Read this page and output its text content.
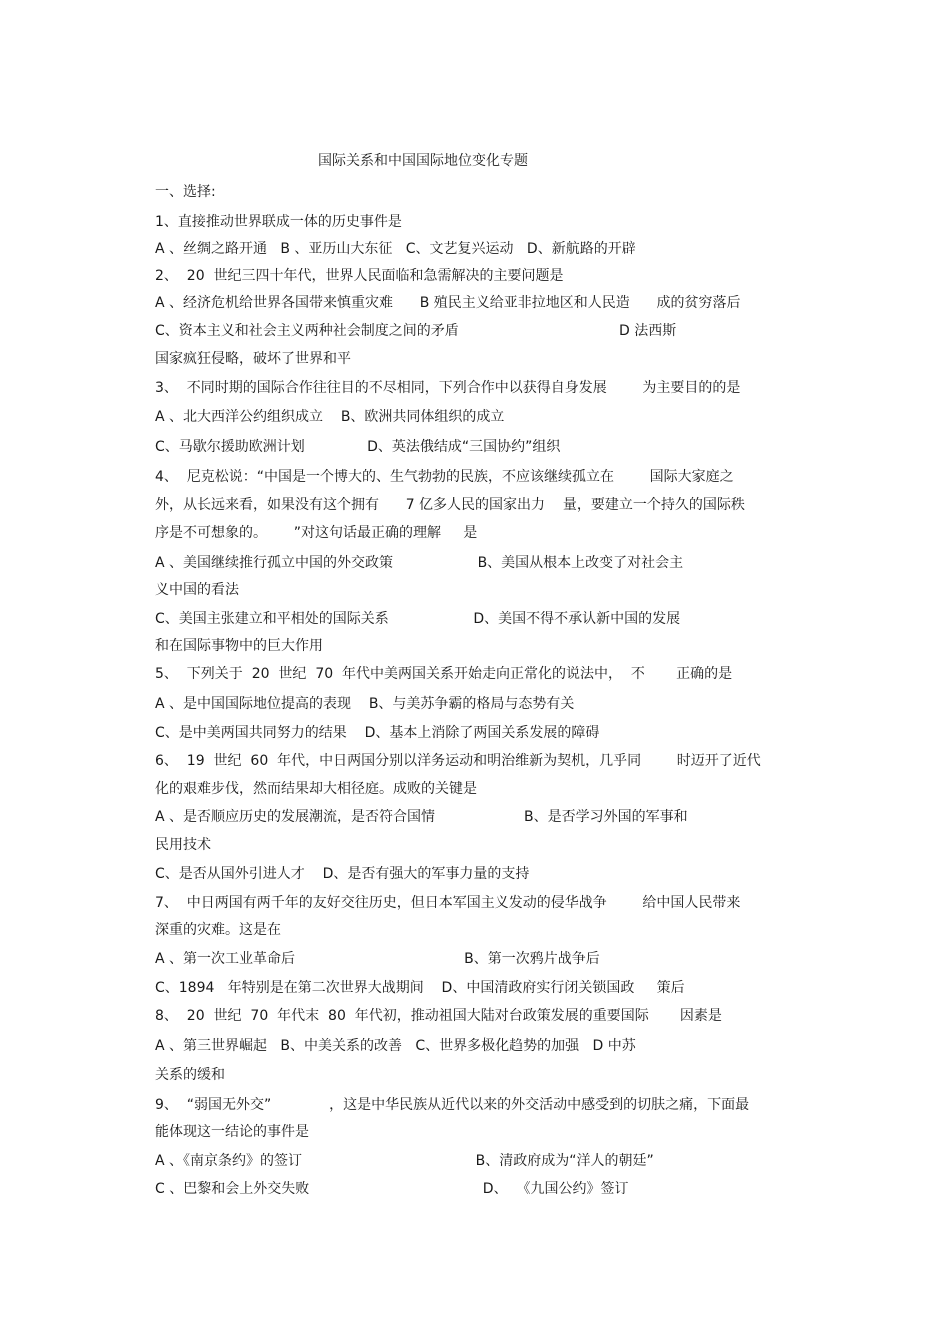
国际关系和中国国际地位变化专题
一、选择:
1、直接推动世界联成一体的历史事件是
A 、丝绸之路开通   B 、亚历山大东征   C、文艺复兴运动   D、新航路的开辟
2、  20  世纪三四十年代，世界人民面临和急需解决的主要问题是
A 、经济危机给世界各国带来慎重灾难      B 殖民主义给亚非拉地区和人民造      成的贫穷落后
C、资本主义和社会主义两种社会制度之间的矛盾                                    D 法西斯
国家疯狂侵略，破坏了世界和平
3、  不同时期的国际合作往往目的不尽相同，下列合作中以获得自身发展        为主要目的的是
A 、北大西洋公约组织成立    B、欧洲共同体组织的成立
C、马歇尔援助欧洲计划              D、英法俄结成“三国协约”组织
4、  尼克松说：“中国是一个博大的、生气勃勃的民族，不应该继续孤立在        国际大家庭之
外，从长远来看，如果没有这个拥有      7 亿多人民的国家出力    量，要建立一个持久的国际秩
序是不可想象的。      ”对这句话最正确的理解     是
A 、美国继续推行孤立中国的外交政策                   B、美国从根本上改变了对社会主
义中国的看法
C、美国主张建立和平相处的国际关系                   D、美国不得不承认新中国的发展
和在国际事物中的巨大作用
5、  下列关于  20  世纪  70  年代中美两国关系开始走向正常化的说法中，  不       正确的是
A 、是中国国际地位提高的表现    B、与美苏争霸的格局与态势有关
C、是中美两国共同努力的结果    D、基本上消除了两国关系发展的障碍
6、  19  世纪  60  年代，中日两国分别以洋务运动和明治维新为契机，几乎同        时迈开了近代
化的艰难步伐，然而结果却大相径庭。成败的关键是
A 、是否顺应历史的发展潮流，是否符合国情                    B、是否学习外国的军事和
民用技术
C、是否从国外引进人才    D、是否有强大的军事力量的支持
7、  中日两国有两千年的友好交往历史，但日本军国主义发动的侵华战争        给中国人民带来
深重的灾难。这是在
A 、第一次工业革命后                                      B、第一次鸦片战争后
C、1894   年特别是在第二次世界大战期间    D、中国清政府实行闭关锁国政     策后
8、  20  世纪  70  年代末  80  年代初，推动祖国大陆对台政策发展的重要国际       因素是
A 、第三世界崛起   B、中美关系的改善   C、世界多极化趋势的加强   D 中苏
关系的缓和
9、  “弱国无外交”             ，这是中华民族从近代以来的外交活动中感受到的切肤之痛，下面最
能体现这一结论的事件是
A 、《南京条约》的签订                                       B、清政府成为“洋人的朝廷”
C 、巴黎和会上外交失败                                       D、  《九国公约》签订
